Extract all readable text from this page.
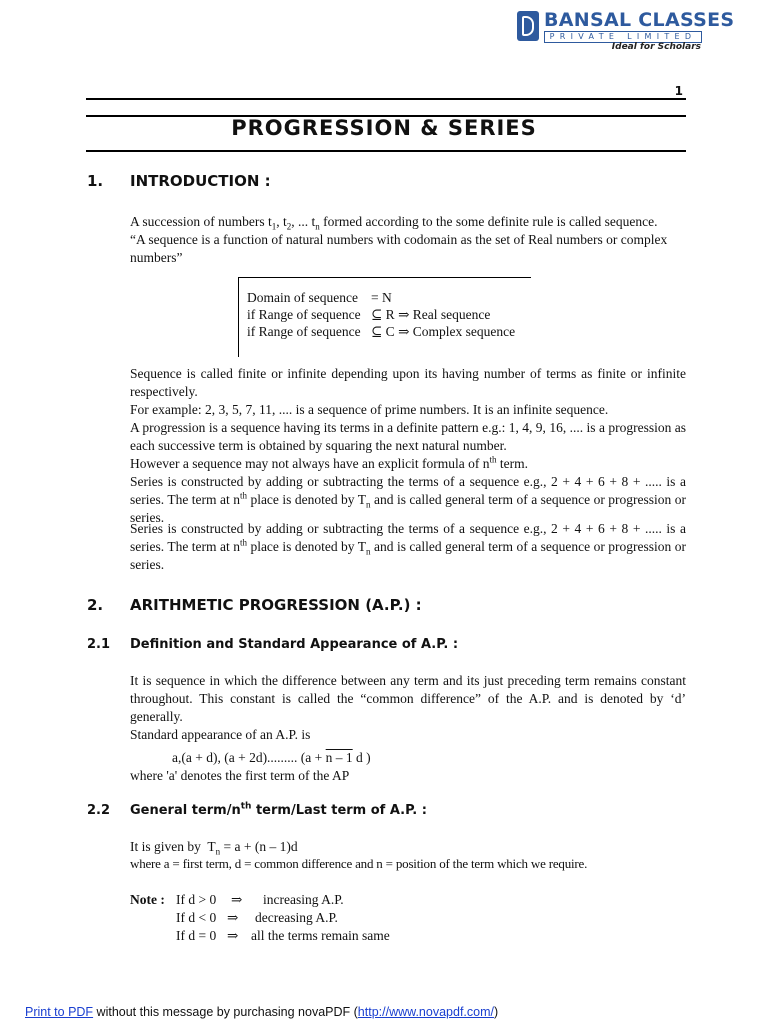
BANSAL CLASSES
PRIVATE LIMITED
Ideal for Scholars
1
PROGRESSION & SERIES
1. INTRODUCTION :
A succession of numbers $t_1$, $t_2$, ... $t_n$ formed according to the some definite rule is called sequence.
“A sequence is a function of natural numbers with codomain as the set of Real numbers or complex numbers”
Domain of sequence = N
if Range of sequence ⊆ R ⇒ Real sequence
if Range of sequence ⊆ C ⇒ Complex sequence
Sequence is called finite or infinite depending upon its having number of terms as finite or infinite respectively.
For example: 2, 3, 5, 7, 11, .... is a sequence of prime numbers. It is an infinite sequence.
A progression is a sequence having its terms in a definite pattern e.g.: 1, 4, 9, 16, .... is a progression as each successive term is obtained by squaring the next natural number.
However a sequence may not always have an explicit formula of $n^{th}$ term.
Series is constructed by adding or subtracting the terms of a sequence e.g., 2 + 4 + 6 + 8 + ..... is a series. The term at $n^{th}$ place is denoted by $T_n$ and is called general term of a sequence or progression or series.
Series is constructed by adding or subtracting the terms of a sequence e.g., 2 + 4 + 6 + 8 + ..... is a series. The term at $n^{th}$ place is denoted by $T_n$ and is called general term of a sequence or progression or series.
2. ARITHMETIC PROGRESSION (A.P.) :
2.1 Definition and Standard Appearance of A.P. :
It is sequence in which the difference between any term and its just preceding term remains constant throughout. This constant is called the “common difference” of the A.P. and is denoted by ‘d’ generally.
Standard appearance of an A.P. is
a,(a + d), (a + 2d)......... (a + n – 1 d )
where 'a' denotes the first term of the AP
2.2 General term/$n^{th}$ term/Last term of A.P. :
It is given by  $T_n = a + (n - 1)d$
where a = first term, d = common difference and n = position of the term which we require.
Note : If d > 0 ⇒ increasing A.P.
If d < 0 ⇒ decreasing A.P.
If d = 0 ⇒ all the terms remain same
Print to PDF without this message by purchasing novaPDF (http://www.novapdf.com/)
